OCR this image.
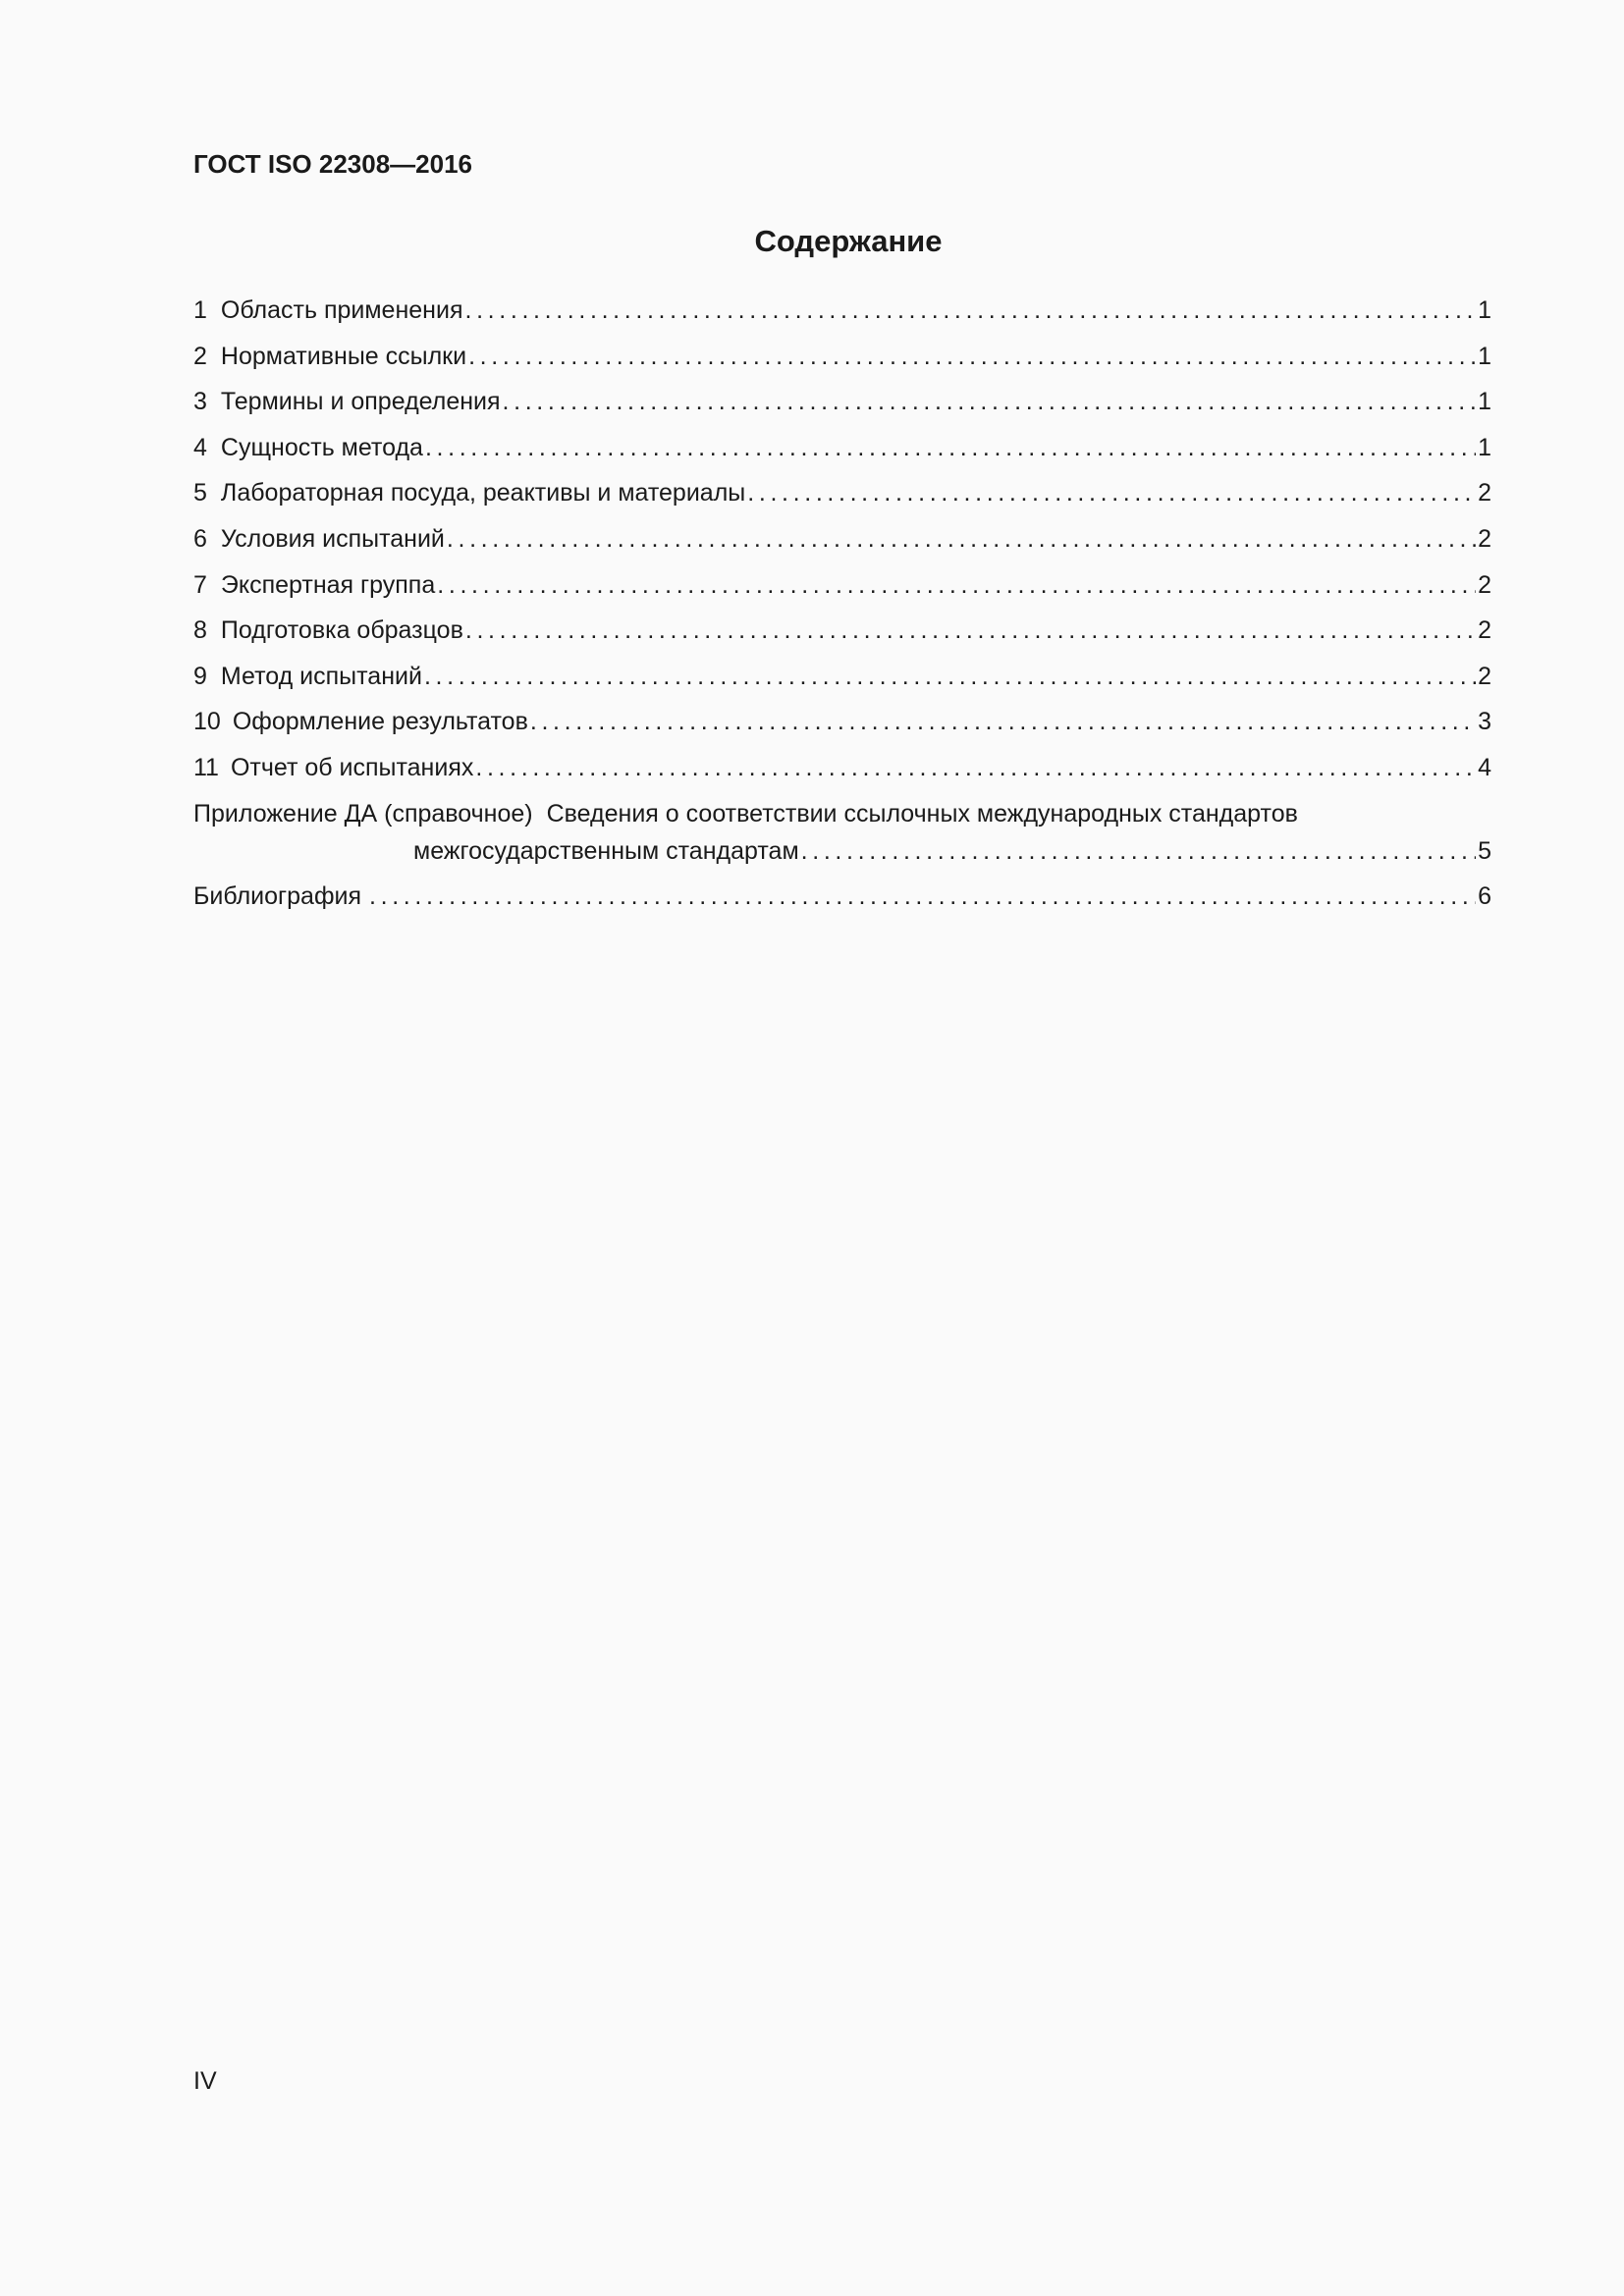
ГОСТ ISO 22308—2016
Содержание
1 Область применения . . .	1
2 Нормативные ссылки . . .	1
3 Термины и определения . . .	1
4 Сущность метода . . .	1
5 Лабораторная посуда, реактивы и материалы . . .	2
6 Условия испытаний . . .	2
7 Экспертная группа . . .	2
8 Подготовка образцов . . .	2
9 Метод испытаний . . .	2
10 Оформление результатов . . .	3
11 Отчет об испытаниях . . .	4
Приложение ДА (справочное) Сведения о соответствии ссылочных международных стандартов
межгосударственным стандартам . . .	5
Библиография . . .	6
IV
